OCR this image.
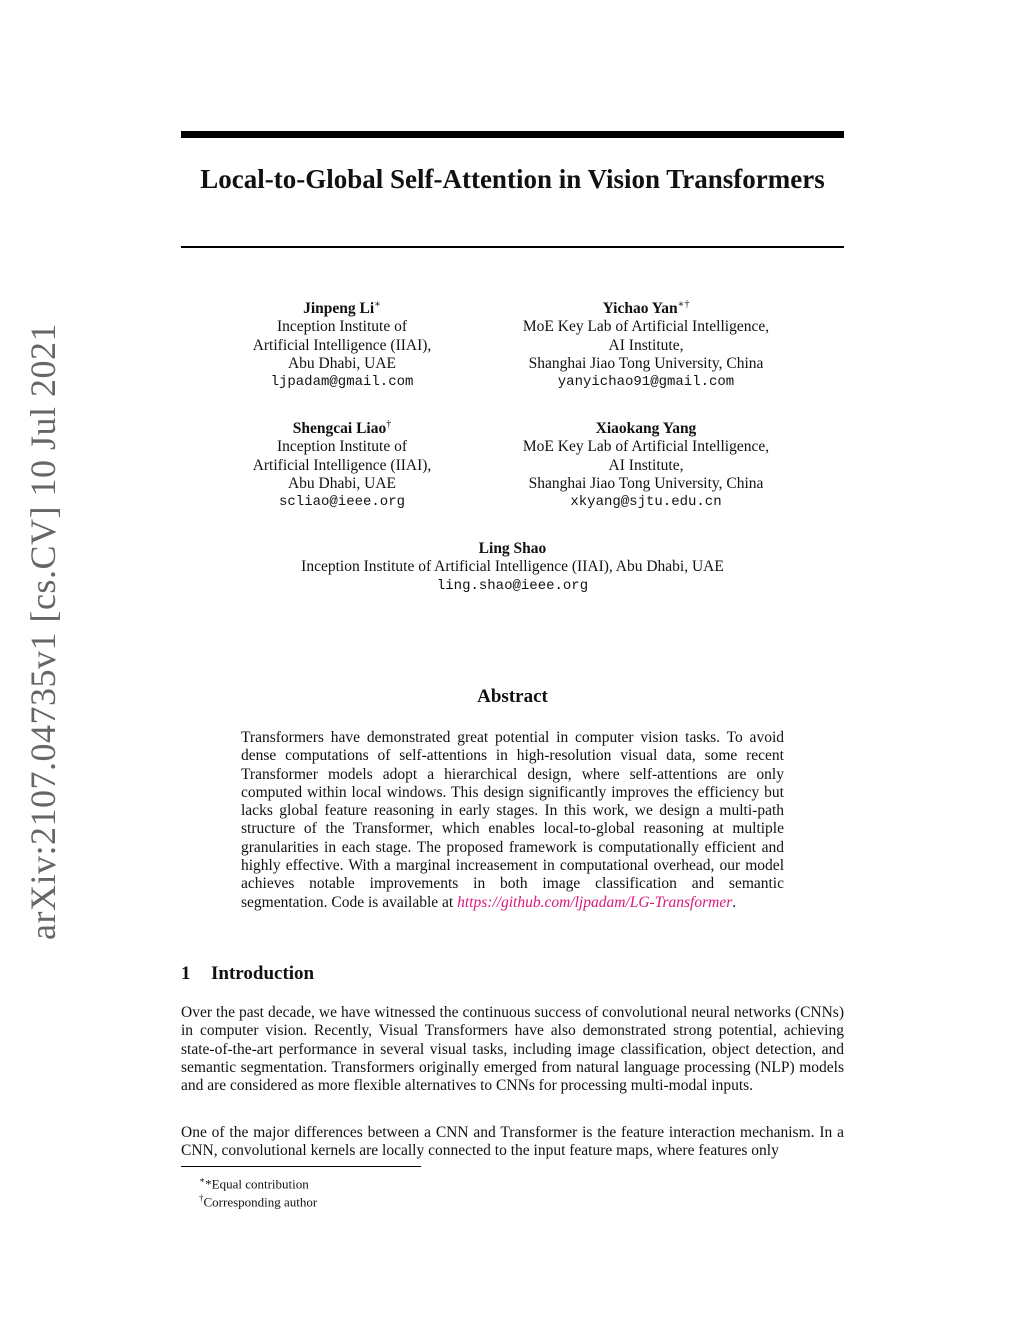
arXiv:2107.04735v1 [cs.CV] 10 Jul 2021
Local-to-Global Self-Attention in Vision Transformers
Jinpeng Li∗
Inception Institute of
Artificial Intelligence (IIAI),
Abu Dhabi, UAE
ljpadam@gmail.com
Yichao Yan∗†
MoE Key Lab of Artificial Intelligence,
AI Institute,
Shanghai Jiao Tong University, China
yanyichao91@gmail.com
Shengcai Liao†
Inception Institute of
Artificial Intelligence (IIAI),
Abu Dhabi, UAE
scliao@ieee.org
Xiaokang Yang
MoE Key Lab of Artificial Intelligence,
AI Institute,
Shanghai Jiao Tong University, China
xkyang@sjtu.edu.cn
Ling Shao
Inception Institute of Artificial Intelligence (IIAI), Abu Dhabi, UAE
ling.shao@ieee.org
Abstract

Transformers have demonstrated great potential in computer vision tasks. To avoid dense computations of self-attentions in high-resolution visual data, some recent Transformer models adopt a hierarchical design, where self-attentions are only computed within local windows. This design significantly improves the efficiency but lacks global feature reasoning in early stages. In this work, we design a multi-path structure of the Transformer, which enables local-to-global reasoning at multiple granularities in each stage. The proposed framework is computationally efficient and highly effective. With a marginal increasement in computational overhead, our model achieves notable improvements in both image classification and semantic segmentation. Code is available at https://github.com/ljpadam/LG-Transformer.

1 Introduction

Over the past decade, we have witnessed the continuous success of convolutional neural networks (CNNs) in computer vision. Recently, Visual Transformers have also demonstrated strong potential, achieving state-of-the-art performance in several visual tasks, including image classification, object detection, and semantic segmentation. Transformers originally emerged from natural language processing (NLP) models and are considered as more flexible alternatives to CNNs for processing multi-modal inputs.

One of the major differences between a CNN and Transformer is the feature interaction mechanism. In a CNN, convolutional kernels are locally connected to the input feature maps, where features only

∗*Equal contribution
†Corresponding author
